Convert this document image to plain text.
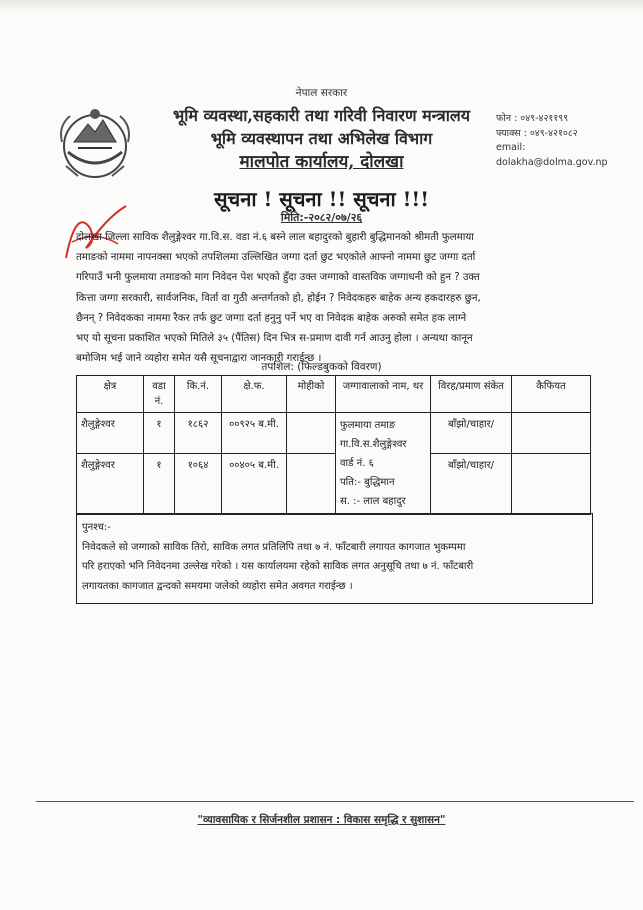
नेपाल सरकार
भूमि व्यवस्था,सहकारी तथा गरिवी निवारण मन्त्रालय
भूमि व्यवस्थापन तथा अभिलेख विभाग
मालपोत कार्यालय, दोलखा
फोन : ०४९-४२११९९
फ्याक्स : ०४९-४२१०८२
email:
dolakha@dolma.gov.np
सूचना ! सूचना !! सूचना !!!
मिति:-२०८२/०७/२६
दोलखा जिल्ला साविक शैलुङ्गेश्वर गा.वि.स. वडा नं.६ बस्ने लाल बहादुरको बुहारी बुद्धिमानको श्रीमती फुलमाया
तमाङको नाममा नापनक्सा भएको तपशिलमा उल्लिखित जग्गा दर्ता छुट भएकोले आफ्नो नाममा छुट जग्गा दर्ता
गरिपाउँ भनी फुलमाया तमाङको माग निवेदन पेश भएको हुँदा उक्त जग्गाको वास्तविक जग्गाधनी को हुन ? उक्त
कित्ता जग्गा सरकारी, सार्वजनिक, विर्ता वा गुठी अन्तर्गतको हो, होईन ? निवेदकहरु बाहेक अन्य हकदारहरु छुन,
छैनन् ? निवेदकका नाममा रैकर तर्फ छुट जग्गा दर्ता हनुनु पर्ने भए वा निवेदक बाहेक अरुको समेत हक लाग्ने
भए यो सूचना प्रकाशित भएको मितिले ३५ (पैंतिस) दिन भित्र स-प्रमाण दावी गर्न आउनु होला । अन्यथा कानून
बमोजिम भई जाने व्यहोरा समेत यसै सूचनाद्वारा जानकारी गराईन्छ ।
तपशिल: (फिल्डबुकको विवरण)
क्षेत्र	वडा नं.	कि.नं.	क्षे.फ.	मोहीको	जग्गावालाको नाम, थर	विरह/प्रमाण संकेत	कैफियत
शैलुङ्गेश्वर	१	१८६२	००९२५ ब.मी.		फुलमाया तमाङ
गा.वि.स.शैलुङ्गेश्वर
वार्ड नं. ६
पति:- बुद्धिमान
स. :- लाल बहादुर	बाँझो/चाहार/	
शैलुङ्गेश्वर	१	१०६४	००४०५ ब.मी.			बाँझो/चाहार/	
पुनश्च:-
निवेदकले सो जग्गाको साविक तिरो, साविक लगत प्रतिलिपि तथा ७ नं. फाँटबारी लगायत कागजात भुकम्पमा
परि हराएको भनि निवेदनमा उल्लेख गरेको । यस कार्यालयमा रहेको साविक लगत अनुसूचि तथा ७ नं. फाँटबारी
लगायतका कागजात द्वन्दको समयमा जलेको व्यहोरा समेत अवगत गराईन्छ ।
"व्यावसायिक र सिर्जनशील प्रशासन : विकास समृद्धि र सुशासन"
